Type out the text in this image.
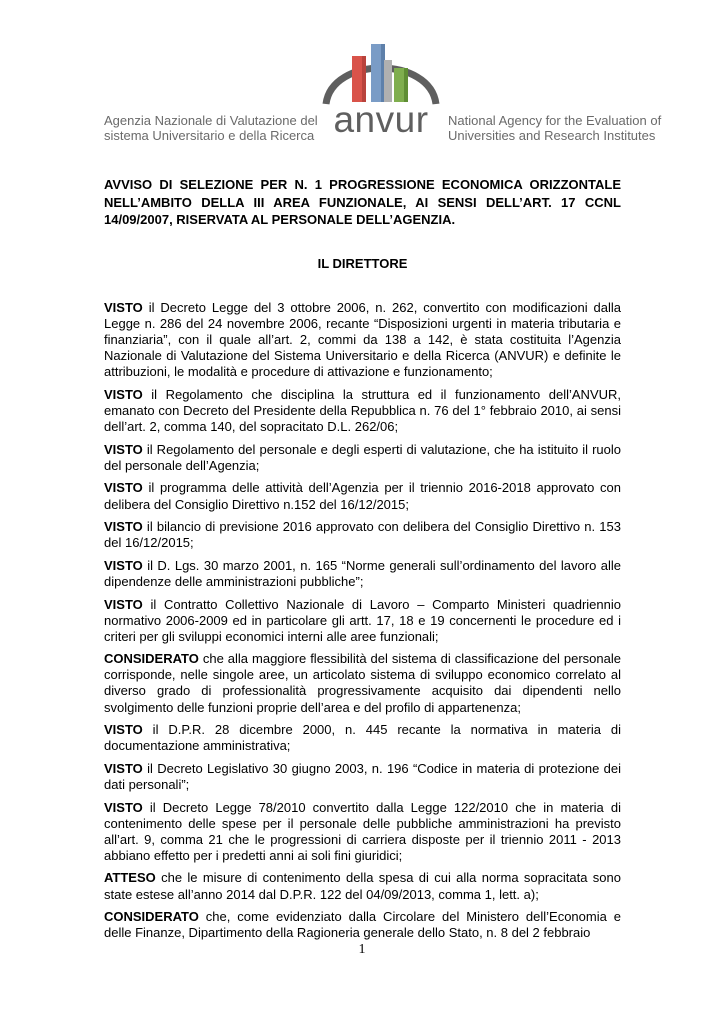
Agenzia Nazionale di Valutazione del
sistema Universitario e della Ricerca anvur	National Agency for the Evaluation of
Universities and Research Institutes
AVVISO DI SELEZIONE PER N. 1 PROGRESSIONE ECONOMICA ORIZZONTALE NELL’AMBITO DELLA III AREA FUNZIONALE, AI SENSI DELL’ART. 17 CCNL 14/09/2007, RISERVATA AL PERSONALE DELL’AGENZIA.
IL DIRETTORE

VISTO il Decreto Legge del 3 ottobre 2006, n. 262, convertito con modificazioni dalla Legge n. 286 del 24 novembre 2006, recante “Disposizioni urgenti in materia tributaria e finanziaria”, con il quale all’art. 2, commi da 138 a 142, è stata costituita l’Agenzia Nazionale di Valutazione del Sistema Universitario e della Ricerca (ANVUR) e definite le attribuzioni, le modalità e procedure di attivazione e funzionamento;

VISTO il Regolamento che disciplina la struttura ed il funzionamento dell’ANVUR, emanato con Decreto del Presidente della Repubblica n. 76 del 1° febbraio 2010, ai sensi dell’art. 2, comma 140, del sopracitato D.L. 262/06;

VISTO il Regolamento del personale e degli esperti di valutazione, che ha istituito il ruolo del personale dell’Agenzia;

VISTO il programma delle attività dell’Agenzia per il triennio 2016-2018 approvato con delibera del Consiglio Direttivo n.152 del 16/12/2015;

VISTO il bilancio di previsione 2016 approvato con delibera del Consiglio Direttivo n. 153 del 16/12/2015;

VISTO il D. Lgs. 30 marzo 2001, n. 165 “Norme generali sull’ordinamento del lavoro alle dipendenze delle amministrazioni pubbliche”;

VISTO il Contratto Collettivo Nazionale di Lavoro – Comparto Ministeri quadriennio normativo 2006-2009 ed in particolare gli artt. 17, 18 e 19 concernenti le procedure ed i criteri per gli sviluppi economici interni alle aree funzionali;

CONSIDERATO che alla maggiore flessibilità del sistema di classificazione del personale corrisponde, nelle singole aree, un articolato sistema di sviluppo economico correlato al diverso grado di professionalità progressivamente acquisito dai dipendenti nello svolgimento delle funzioni proprie dell’area e del profilo di appartenenza;

VISTO il D.P.R. 28 dicembre 2000, n. 445 recante la normativa in materia di documentazione amministrativa;

VISTO il Decreto Legislativo 30 giugno 2003, n. 196 “Codice in materia di protezione dei dati personali”;

VISTO il Decreto Legge 78/2010 convertito dalla Legge 122/2010 che in materia di contenimento delle spese per il personale delle pubbliche amministrazioni ha previsto all’art. 9, comma 21 che le progressioni di carriera disposte per il triennio 2011 - 2013 abbiano effetto per i predetti anni ai soli fini giuridici;

ATTESO che le misure di contenimento della spesa di cui alla norma sopracitata sono state estese all’anno 2014 dal D.P.R. 122 del 04/09/2013, comma 1, lett. a);

CONSIDERATO che, come evidenziato dalla Circolare del Ministero dell’Economia e delle Finanze, Dipartimento della Ragioneria generale dello Stato, n. 8 del 2 febbraio

1
